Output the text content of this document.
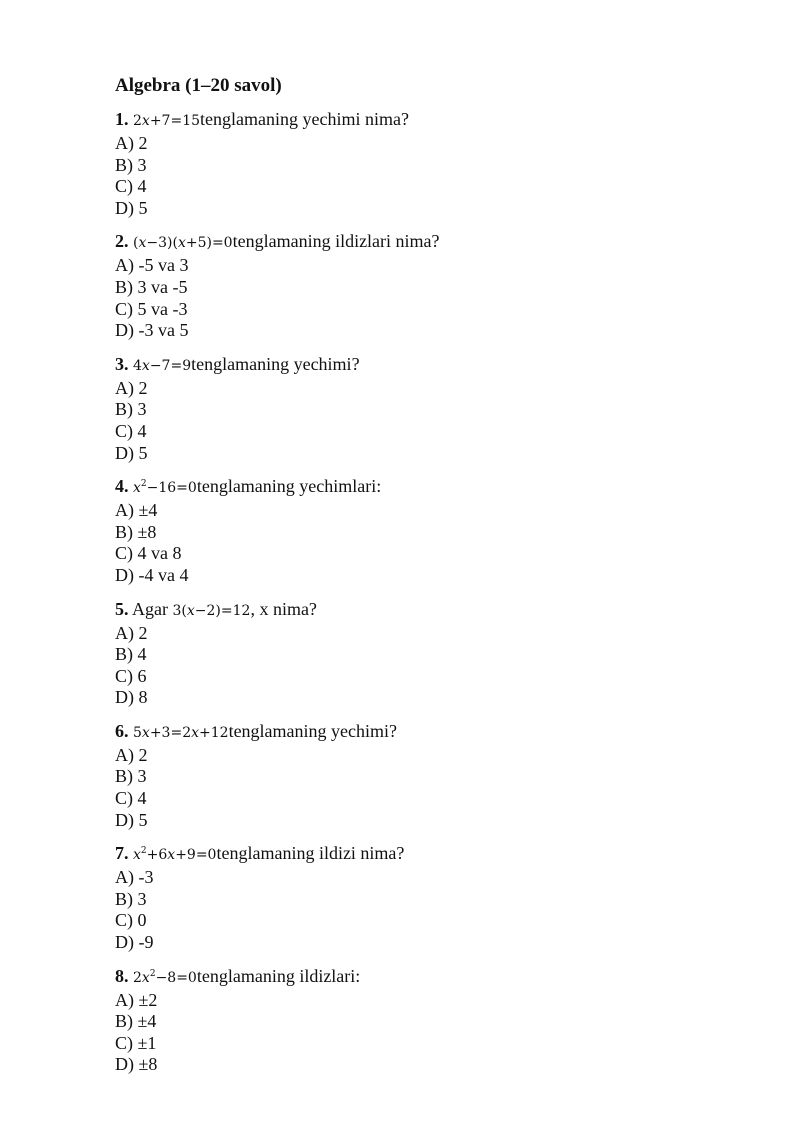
Algebra (1–20 savol)
1. 2x+7=15tenglamaning yechimi nima?
A) 2
B) 3
C) 4
D) 5
2. (x−3)(x+5)=0tenglamaning ildizlari nima?
A) -5 va 3
B) 3 va -5
C) 5 va -3
D) -3 va 5
3. 4x−7=9tenglamaning yechimi?
A) 2
B) 3
C) 4
D) 5
4. $x^2-16=0tenglamaning$ yechimlari:
A) ±4
B) ±8
C) 4 va 8
D) -4 va 4
5. Agar 3(x−2)=12, x nima?
A) 2
B) 4
C) 6
D) 8
6. 5x+3=2x+12tenglamaning yechimi?
A) 2
B) 3
C) 4
D) 5
7. $x^2+6x+9=0tenglamaning$ ildizi nima?
A) -3
B) 3
C) 0
D) -9
8. $2x^2-8=0tenglamaning$ ildizlari:
A) ±2
B) ±4
C) ±1
D) ±8
